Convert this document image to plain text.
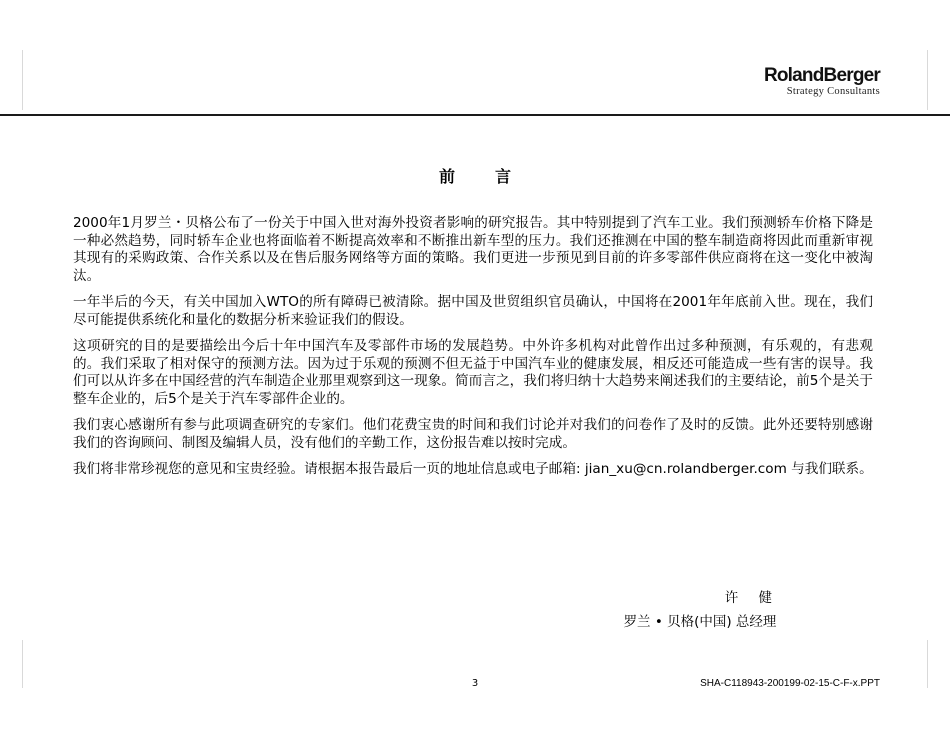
RolandBerger
Strategy Consultants
前言

2000年1月罗兰・贝格公布了一份关于中国入世对海外投资者影响的研究报告。其中特别提到了汽车工业。我们预测轿车价格下降是一种必然趋势，同时轿车企业也将面临着不断提高效率和不断推出新车型的压力。我们还推测在中国的整车制造商将因此而重新审视其现有的采购政策、合作关系以及在售后服务网络等方面的策略。我们更进一步预见到目前的许多零部件供应商将在这一变化中被淘汰。

一年半后的今天，有关中国加入WTO的所有障碍已被清除。据中国及世贸组织官员确认，中国将在2001年年底前入世。现在，我们尽可能提供系统化和量化的数据分析来验证我们的假设。

这项研究的目的是要描绘出今后十年中国汽车及零部件市场的发展趋势。中外许多机构对此曾作出过多种预测，有乐观的，有悲观的。我们采取了相对保守的预测方法。因为过于乐观的预测不但无益于中国汽车业的健康发展，相反还可能造成一些有害的误导。我们可以从许多在中国经营的汽车制造企业那里观察到这一现象。简而言之，我们将归纳十大趋势来阐述我们的主要结论，前5个是关于整车企业的，后5个是关于汽车零部件企业的。

我们衷心感谢所有参与此项调查研究的专家们。他们花费宝贵的时间和我们讨论并对我们的问卷作了及时的反馈。此外还要特别感谢我们的咨询顾问、制图及编辑人员，没有他们的辛勤工作，这份报告难以按时完成。

我们将非常珍视您的意见和宝贵经验。请根据本报告最后一页的地址信息或电子邮箱: jian_xu@cn.rolandberger.com 与我们联系。

许 健
罗兰 • 贝格(中国) 总经理
3	SHA-C118943-200199-02-15-C-F-x.PPT
